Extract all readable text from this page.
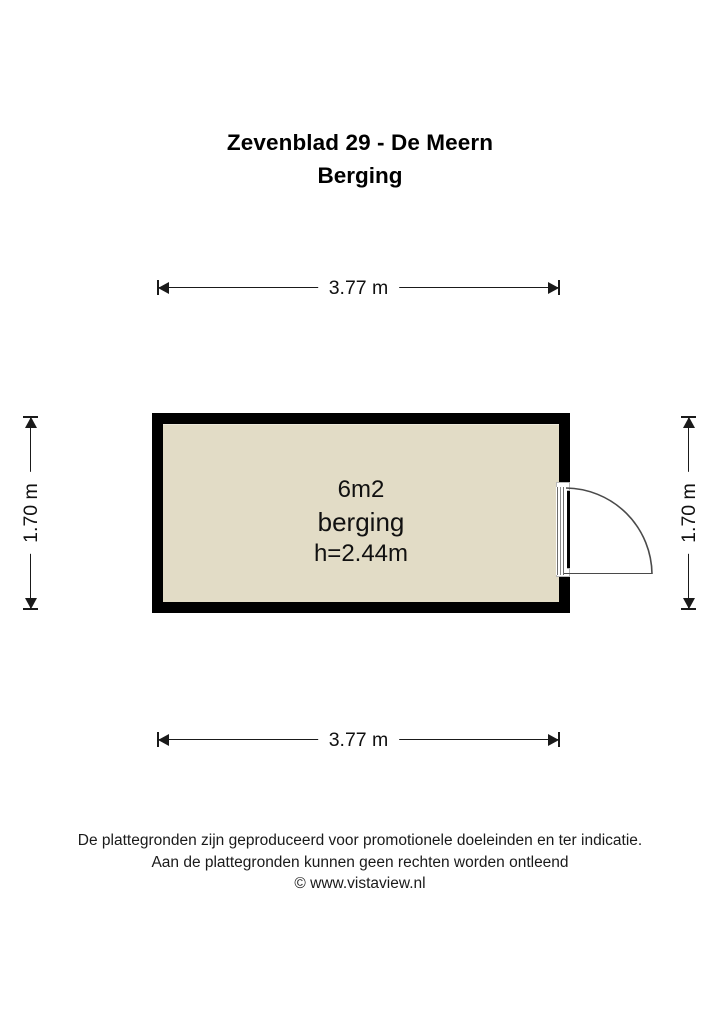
Zevenblad 29 - De Meern
Berging
3.77 m
1.70 m	1.70 m
6m2
berging
h=2.44m
3.77 m
De plattegronden zijn geproduceerd voor promotionele doeleinden en ter indicatie.
Aan de plattegronden kunnen geen rechten worden ontleend
© www.vistaview.nl
